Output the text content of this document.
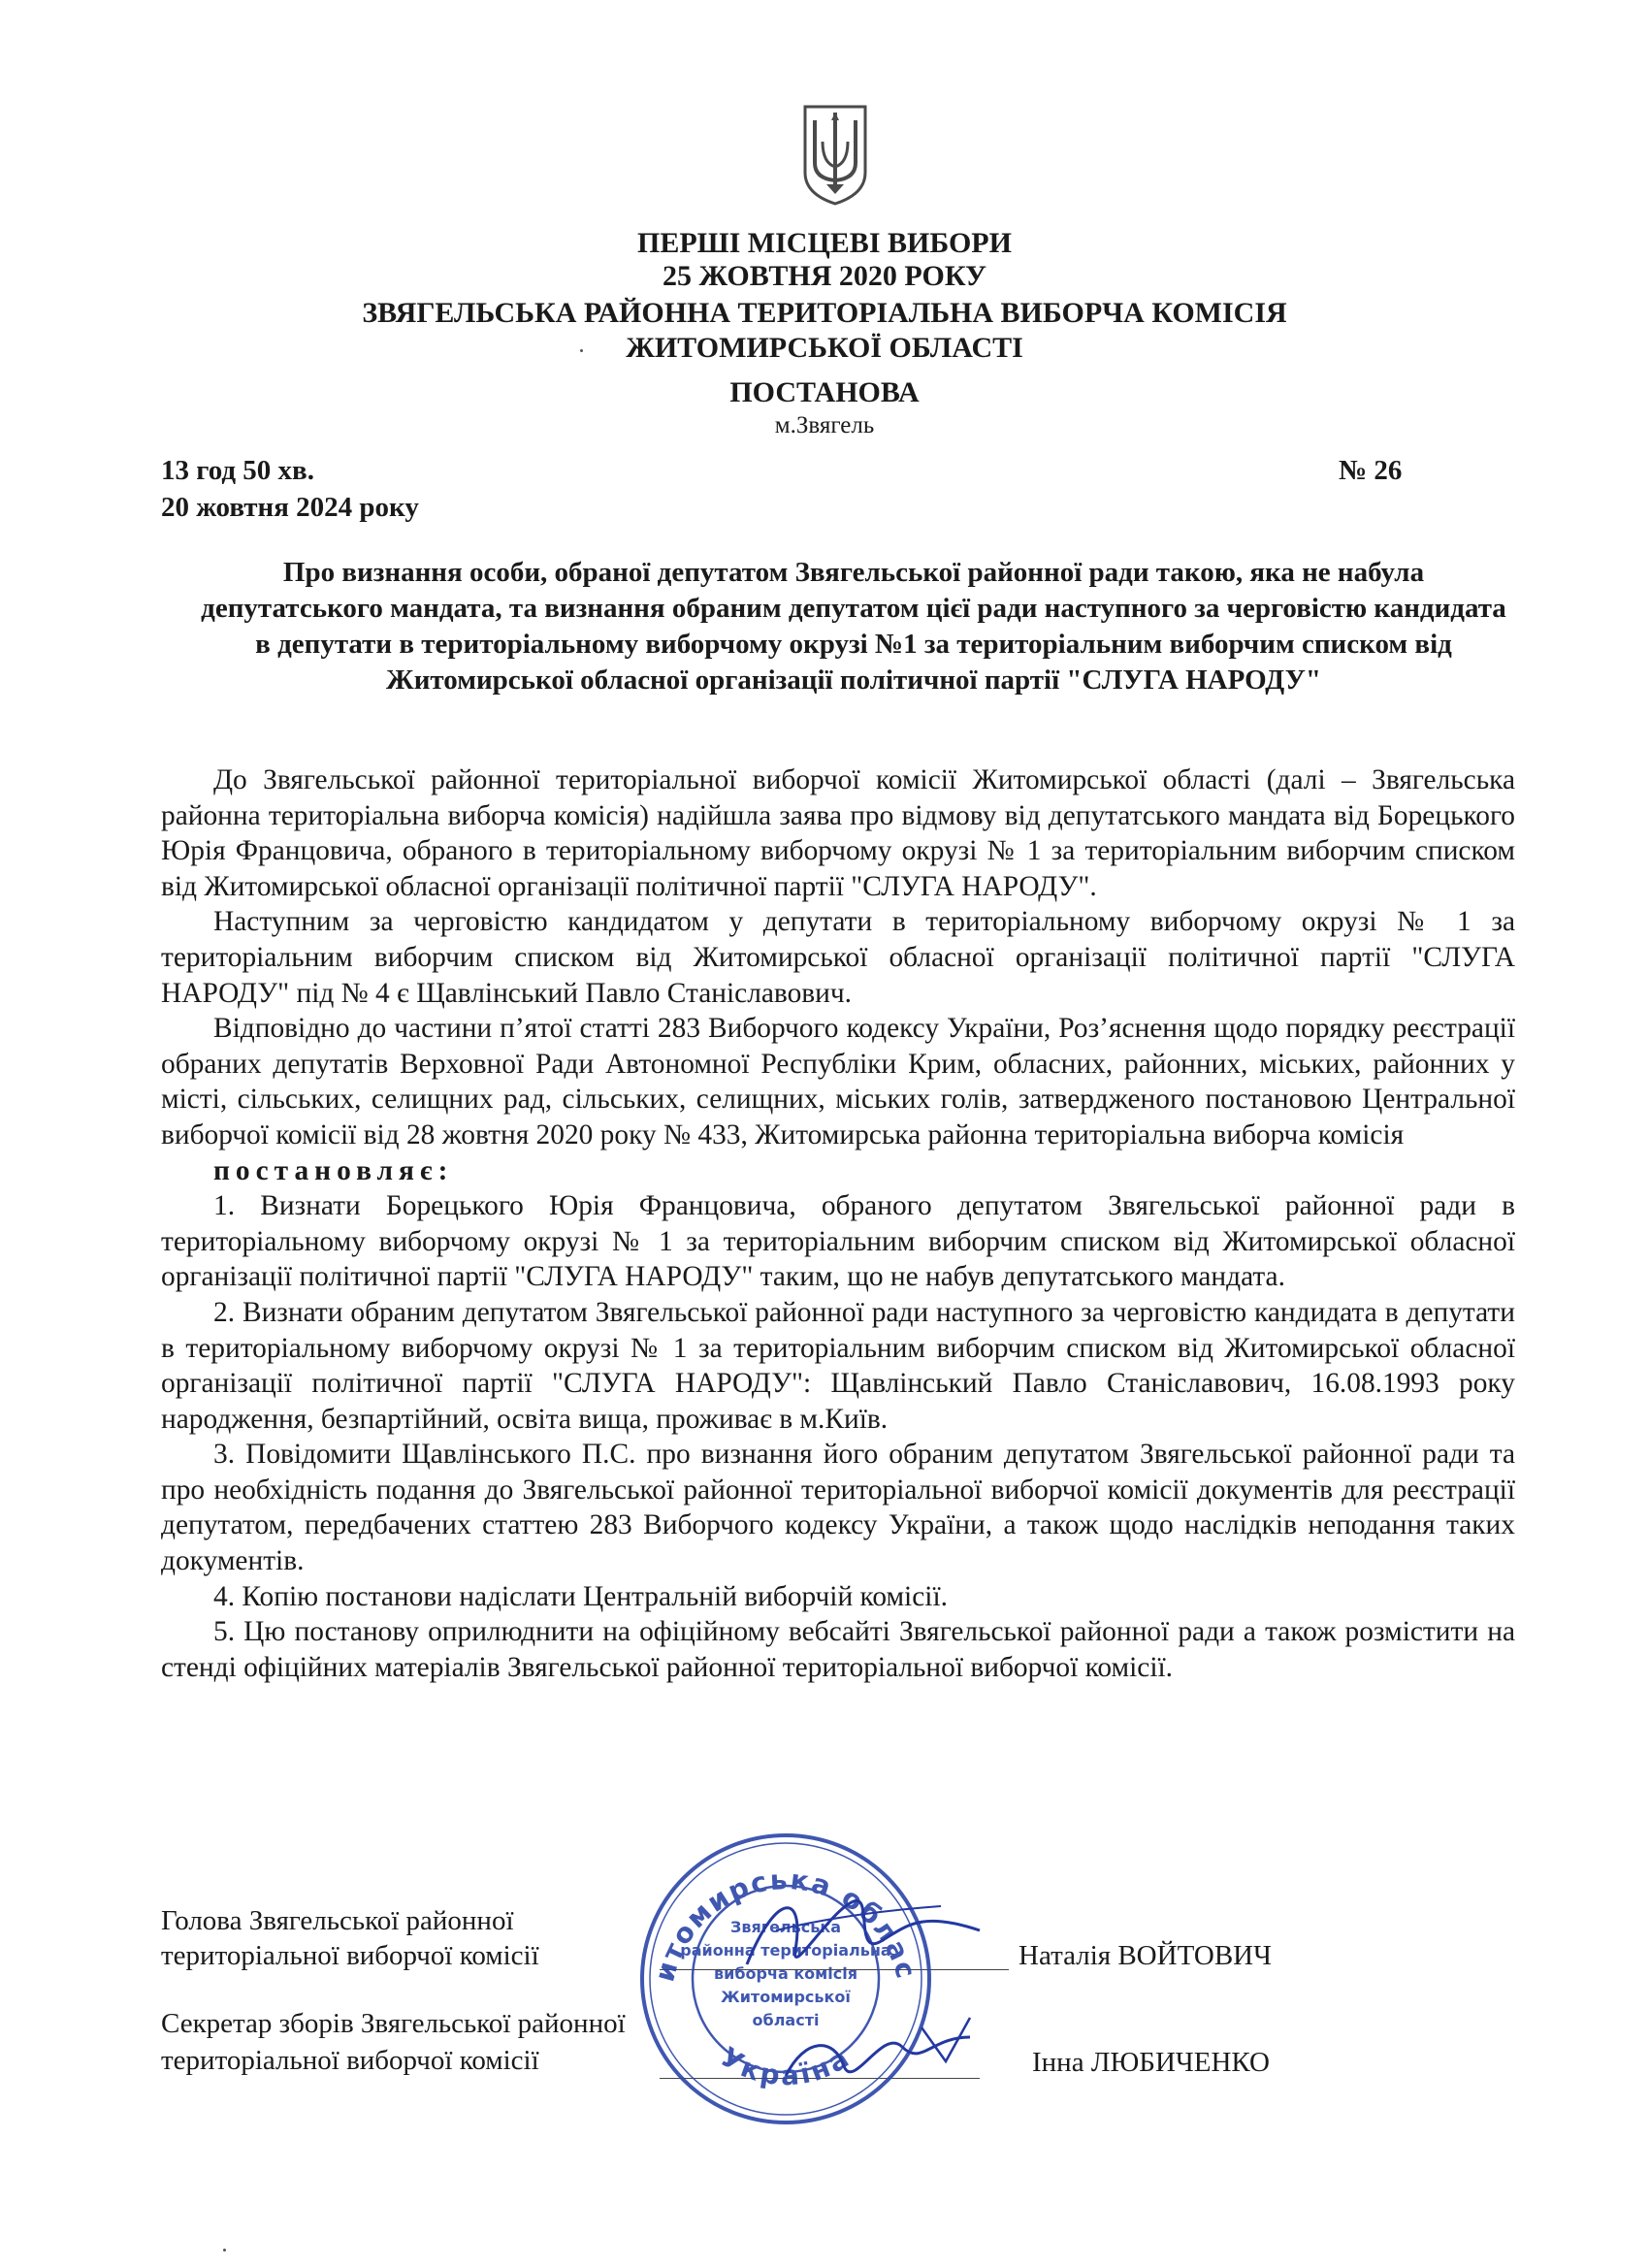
ПЕРШІ МІСЦЕВІ ВИБОРИ
25 ЖОВТНЯ 2020 РОКУ
ЗВЯГЕЛЬСЬКА РАЙОННА ТЕРИТОРІАЛЬНА ВИБОРЧА КОМІСІЯ
ЖИТОМИРСЬКОЇ ОБЛАСТІ
ПОСТАНОВА
м.Звягель
13 год 50 хв.
20 жовтня 2024 року
№ 26
Про визнання особи, обраної депутатом Звягельської районної ради такою, яка не набула депутатського мандата, та визнання обраним депутатом цієї ради наступного за черговістю кандидата в депутати в територіальному виборчому окрузі №1 за територіальним виборчим списком від Житомирської обласної організації політичної партії "СЛУГА НАРОДУ"

До Звягельської районної територіальної виборчої комісії Житомирської області (далі – Звягельська районна територіальна виборча комісія) надійшла заява про відмову від депутатського мандата від Борецького Юрія Францовича, обраного в територіальному виборчому окрузі № 1 за територіальним виборчим списком від Житомирської обласної організації політичної партії "СЛУГА НАРОДУ".

Наступним за черговістю кандидатом у депутати в територіальному виборчому окрузі № 1 за територіальним виборчим списком від Житомирської обласної організації політичної партії "СЛУГА НАРОДУ" під № 4 є Щавлінський Павло Станіславович.

Відповідно до частини п’ятої статті 283 Виборчого кодексу України, Роз’яснення щодо порядку реєстрації обраних депутатів Верховної Ради Автономної Республіки Крим, обласних, районних, міських, районних у місті, сільських, селищних рад, сільських, селищних, міських голів, затвердженого постановою Центральної виборчої комісії від 28 жовтня 2020 року № 433, Житомирська районна територіальна виборча комісія

постановляє:

1. Визнати Борецького Юрія Францовича, обраного депутатом Звягельської районної ради в територіальному виборчому окрузі № 1 за територіальним виборчим списком від Житомирської обласної організації політичної партії "СЛУГА НАРОДУ" таким, що не набув депутатського мандата.

2. Визнати обраним депутатом Звягельської районної ради наступного за черговістю кандидата в депутати в територіальному виборчому окрузі № 1 за територіальним виборчим списком від Житомирської обласної організації політичної партії "СЛУГА НАРОДУ": Щавлінський Павло Станіславович, 16.08.1993 року народження, безпартійний, освіта вища, проживає в м.Київ.

3. Повідомити Щавлінського П.С. про визнання його обраним депутатом Звягельської районної ради та про необхідність подання до Звягельської районної територіальної виборчої комісії документів для реєстрації депутатом, передбачених статтею 283 Виборчого кодексу України, а також щодо наслідків неподання таких документів.

4. Копію постанови надіслати Центральній виборчій комісії.

5. Цю постанову оприлюднити на офіційному вебсайті Звягельської районної ради а також розмістити на стенді офіційних матеріалів Звягельської районної територіальної виборчої комісії.

Голова Звягельської районної
територіальної виборчої комісії	Наталія ВОЙТОВИЧ
Секретар зборів Звягельської районної
територіальної виборчої комісії	Інна ЛЮБИЧЕНКО
Житомирська область
Україна
Звягельська
районна територіальна
виборча комісія
Житомирської
області
